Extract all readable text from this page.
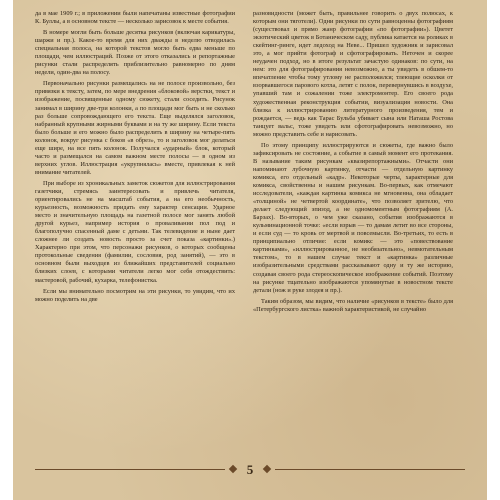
да в мае 1909 г.; в приложении были напечатаны известные фотографии К. Буллы, а в основном тексте — несколько зарисовок к месте события.

В номере могли быть больше десятка рисунков (включая карикатуры, шаржи и пр.). Какое-то время для них дважды в неделю отводилась специальная полоса, на которой текстов могло быть едва меньше по площади, чем иллюстраций. Позже от этого отказались и репортажные рисунки стали распределять приблизительно равномерно по дням недели, один-два на полосу.

Первоначально рисунки размещались на не полосе произвольно, без привязки к тексту, затем, по мере внедрения «блоковой» верстки, текст и изображение, посвященные одному сюжету, стали соседить. Рисунок занимал в ширину две-три колонки, а по площади мог быть и не сколько раз больше сопровождающего его текста. Еще выделялся заголовок, набранный крупными жирными буквами и на ту же ширину. Если текста было больше и его можно было распределить в ширину на четыре-пять колонок, вокруг рисунка с боков «в обрез», то и заголовок мог делаться еще шире, на все пять колонок. Получался «ударный» блок, который часто и размещался на самом важном месте полосы — в одном из верхних углов. Иллюстрация «укрупнялась» вместе, привлекая к ней внимание читателей.

При выборе из хроникальных заметок сюжетов для иллюстрирования газетчики, стремясь заинтересовать и привлечь читателя, ориентировались не на масштаб события, а на его необычность, курьезность, возможность придать ему характер сенсации. Ударное место и значительную площадь на газетной полосе мог занять любой другой курьез, например история о проваливании пол под и благополучно спасенный даме с детьми. Так телевидение и ныне дает сложнее ли создать новость просто за счет показа «картинки».) Характерно при этом, что персонажи рисунков, о которых сообщены протокольные сведения (фамилии, сословия, род занятий), — это в основном были выходцев из ближайших представителей социально близких слоев, с которыми читатели легко мог себя отождествить: мастеровой, рабочий, кухарка, телефонистка.

Если мы внимательно посмотрим на эти рисунки, то увидим, что их можно поделить на две

разновидности (может быть, правильнее говорить о двух полюсах, к которым они тяготели). Одни рисунки по сути равноценны фотографиям (существовал и прямо жанр фотографии «по фотографии»). Цветет экзотический цветок в Ботаническом саду, публика катается на роликах в скейтинг-ринге, идет ледоход на Неве... Пришел художник и зарисовал это, а мог прийти фотограф и сфотографировать. Неточен и скорее неудачен подход, но в итоге результат зачастую одинаков: по сути, на нем: это для фотографирования невозможно, а ты увидеть в обшем-то впечатление чтобы тому утлому не расположился; тлеющие осколки от взорвавшегося парового котла, летят с полок, перевернувшись в воздухе, упавший там и сожалении тоже электромонтер. Его своего рода художественная реконструкция событии, визуализация новости. Она близка к иллюстрированию литературного произведения, тем и рождается, — ведь как Тарас Бульба убивает сына или Наташа Ростова танцует вальс, тоже увидеть или сфотографировать невозможно, но можно представить себе и нарисовать.

По этому принципу иллюстрируются и сюжеты, где важно было зафиксировать не состояние, а событие в самый момент его протекания. В называние таким рисункам «квазирепортажными». Отчасти они напоминают лубочную картинку, отчасти — отдельную картинку комикса, его отдельный «кадр». Некоторые черты, характерные для комикса, свойственны и нашим рисункам. Во-первых, как отмечают исследователи, «каждая картинка комикса не мгновенна, она обладает «толщиной» не четвертой координате», что позволяет зрителю, что делает следующий эпизод, а не одномоментным фотографиям (А. Барзах). Во-вторых, о чем уже сказано, события изображаются в кульминационной точке: «если взрыв — то дамам летит во все стороны, и если суд — то кровь от мертвой и повсемысли. Во-третьих, то есть в принципиально отличие: если комикс — это «повествование картинками», «иллюстрированное, не необязательно», невмотательным текстом», то в нашем случае текст и «картинка» различные изобразительными средствами рассказывают одну и ту же историю, создавая своего рода стереоскопическое изображение событий. Поэтому на рисунке тщательно изображаются упомянутые в новостном тексте детали (нож и руке злодея и пр.).

Таким образом, мы видим, что наличие «рисунков в тексте» было для «Петербургского листка» важной характеристикой, не случайно

5
